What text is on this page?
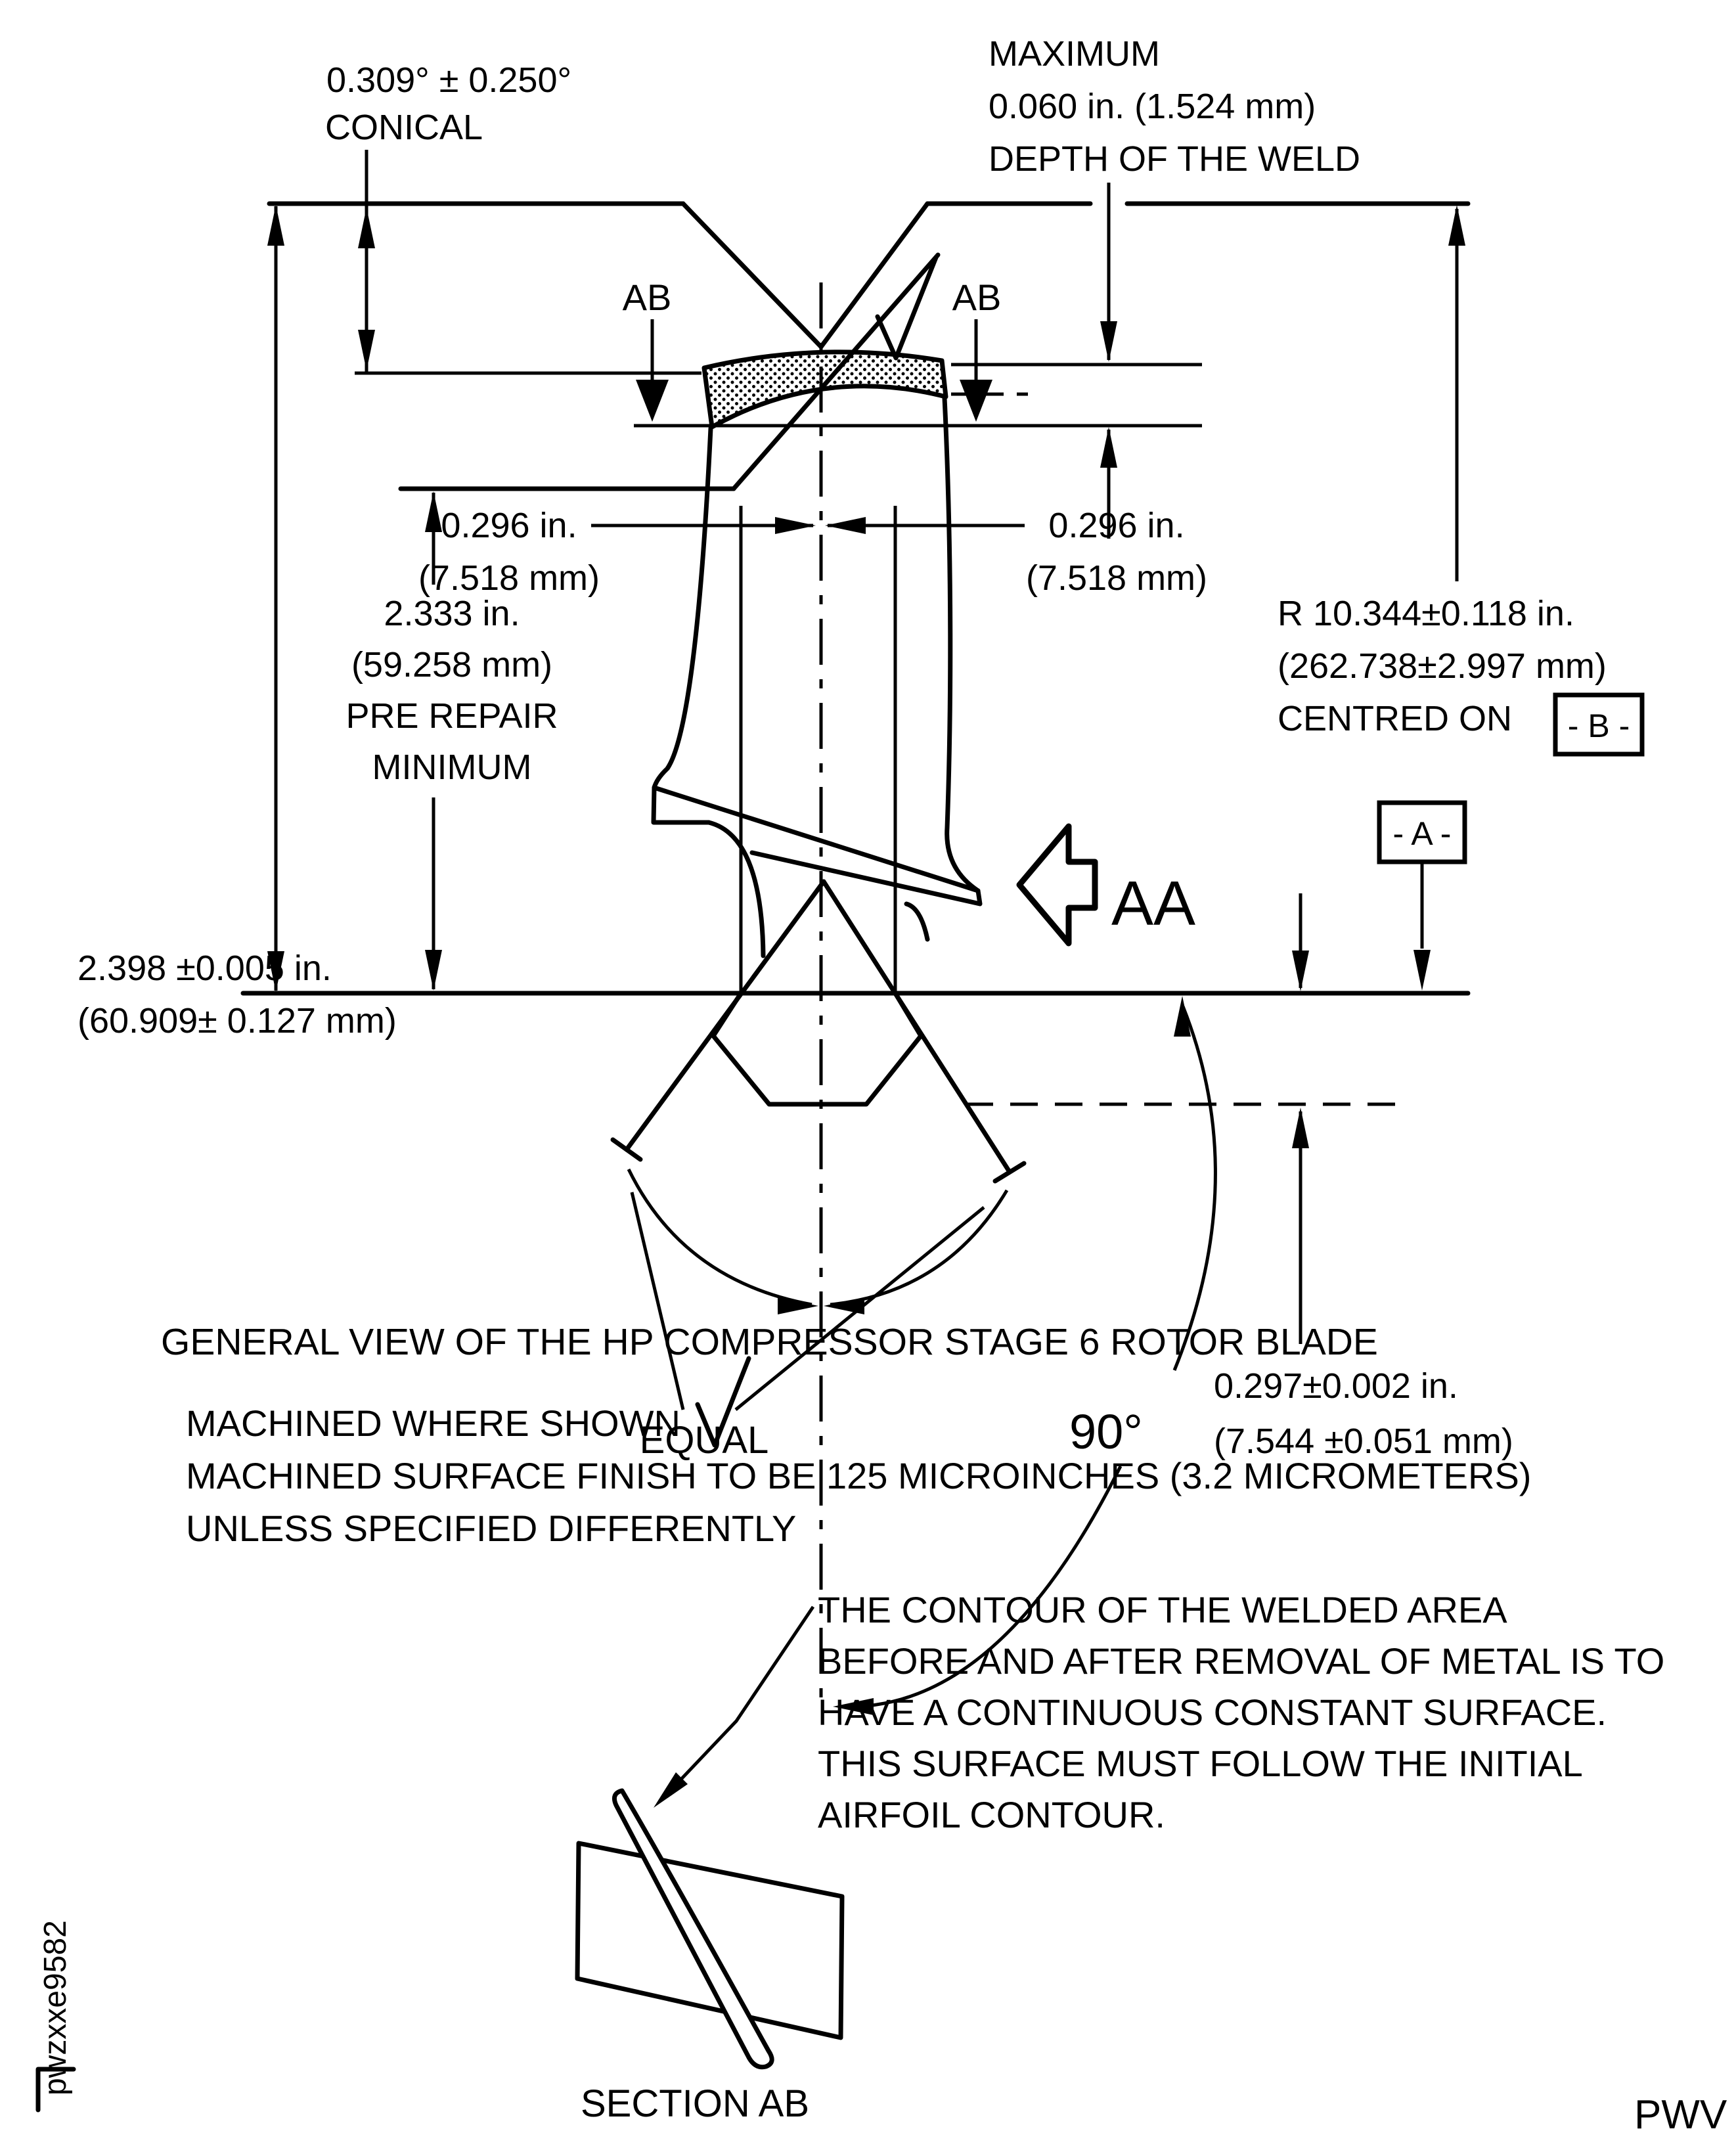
0.309° ± 0.250°
CONICAL
MAXIMUM
0.060 in. (1.524 mm)
DEPTH OF THE WELD
AB	AB
0.296 in.
(7.518 mm)
0.296 in.
(7.518 mm)
2.333 in.
(59.258 mm)
PRE REPAIR
MINIMUM
2.398 ±0.005 in.
(60.909± 0.127 mm)
R 10.344±0.118 in.
(262.738±2.997 mm)
CENTRED ON - B -
- A -
AA
0.297±0.002 in.
(7.544 ±0.051 mm)
90°
EQUAL
GENERAL VIEW OF THE HP COMPRESSOR STAGE 6 ROTOR BLADE
MACHINED WHERE SHOWN
MACHINED SURFACE FINISH TO BE 125 MICROINCHES (3.2 MICROMETERS)
UNLESS SPECIFIED DIFFERENTLY
THE CONTOUR OF THE WELDED AREA
BEFORE AND AFTER REMOVAL OF METAL IS TO
HAVE A CONTINUOUS CONSTANT SURFACE.
THIS SURFACE MUST FOLLOW THE INITIAL
AIRFOIL CONTOUR.
SECTION AB
pwzxxe9582
PWV
